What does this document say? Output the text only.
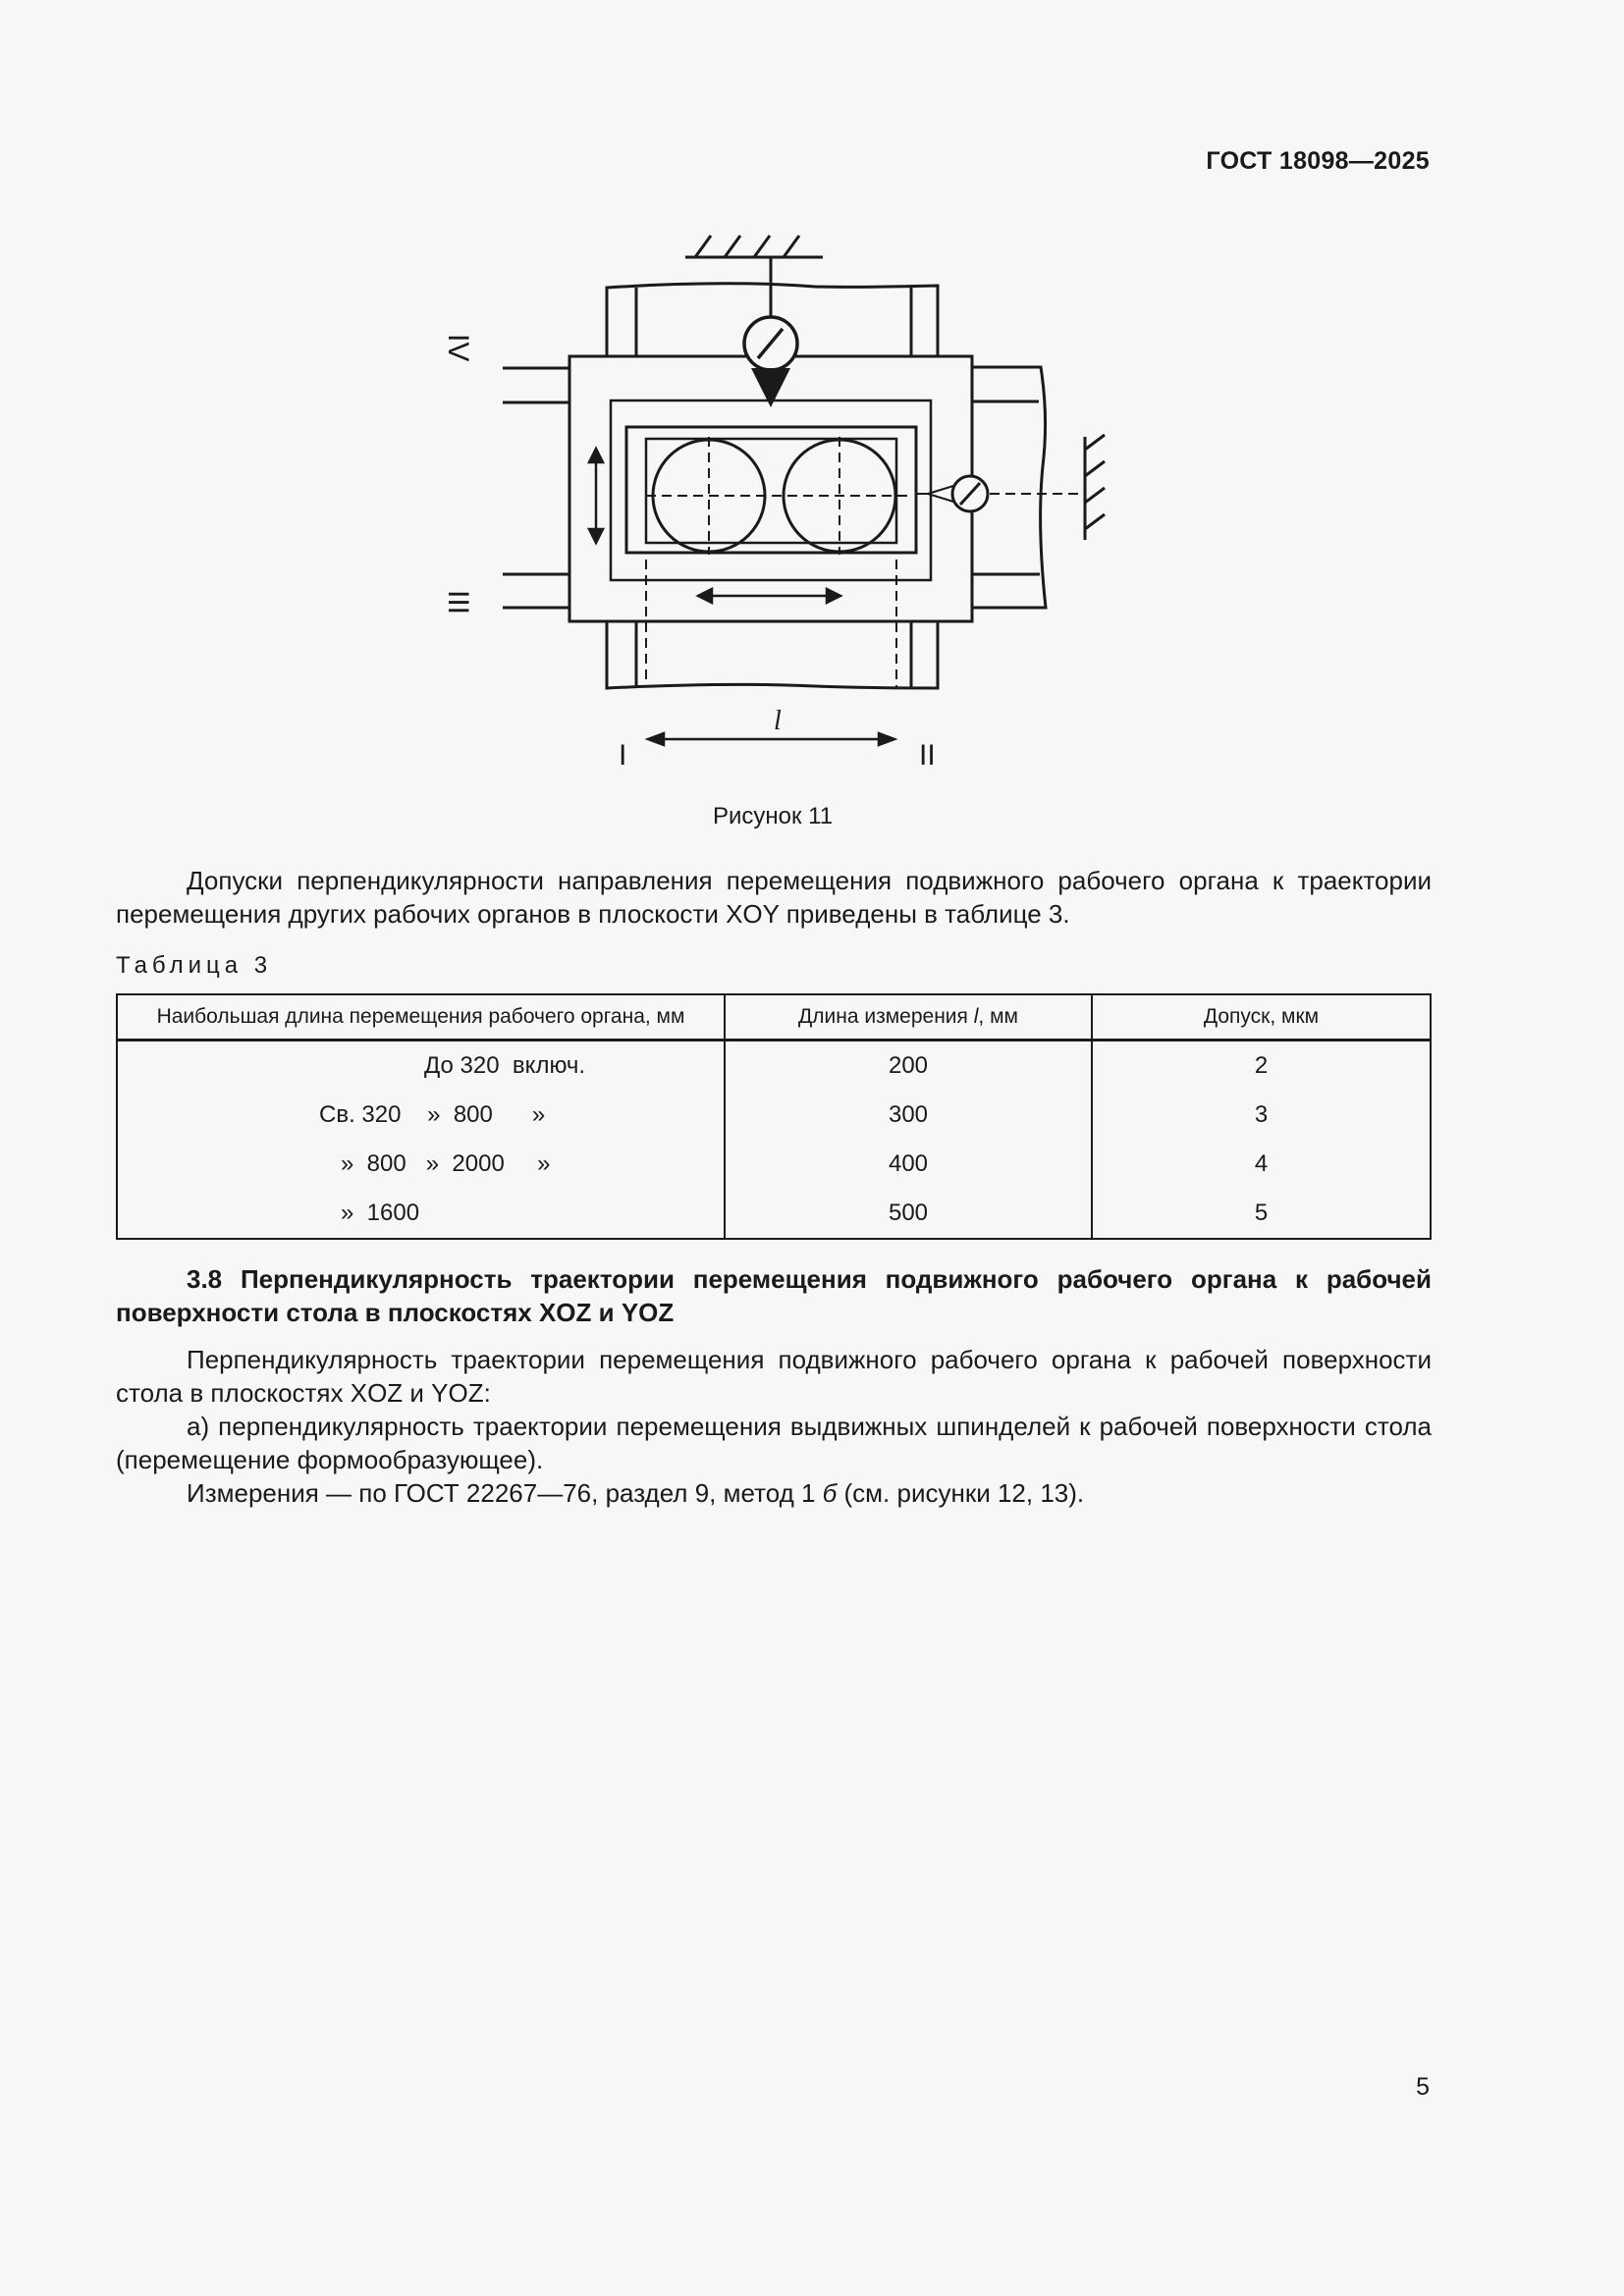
ГОСТ 18098—2025
IV
III
I	II
l
Рисунок 11
Допуски перпендикулярности направления перемещения подвижного рабочего органа к траектории перемещения других рабочих органов в плоскости XOY приведены в таблице 3.
Таблица 3
Наибольшая длина перемещения рабочего органа, мм	Длина измерения l, мм	Допуск, мкм
До 320  включ.	200	2
Св. 320    »  800      »	300	3
»  800   »  2000     »	400	4
»  1600	500	5
3.8 Перпендикулярность траектории перемещения подвижного рабочего органа к рабочей поверхности стола в плоскостях XOZ и YOZ
Перпендикулярность траектории перемещения подвижного рабочего органа к рабочей поверхности стола в плоскостях XOZ и YOZ:
а) перпендикулярность траектории перемещения выдвижных шпинделей к рабочей поверхности стола (перемещение формообразующее).
Измерения — по ГОСТ 22267—76, раздел 9, метод 1 б (см. рисунки 12, 13).
5
